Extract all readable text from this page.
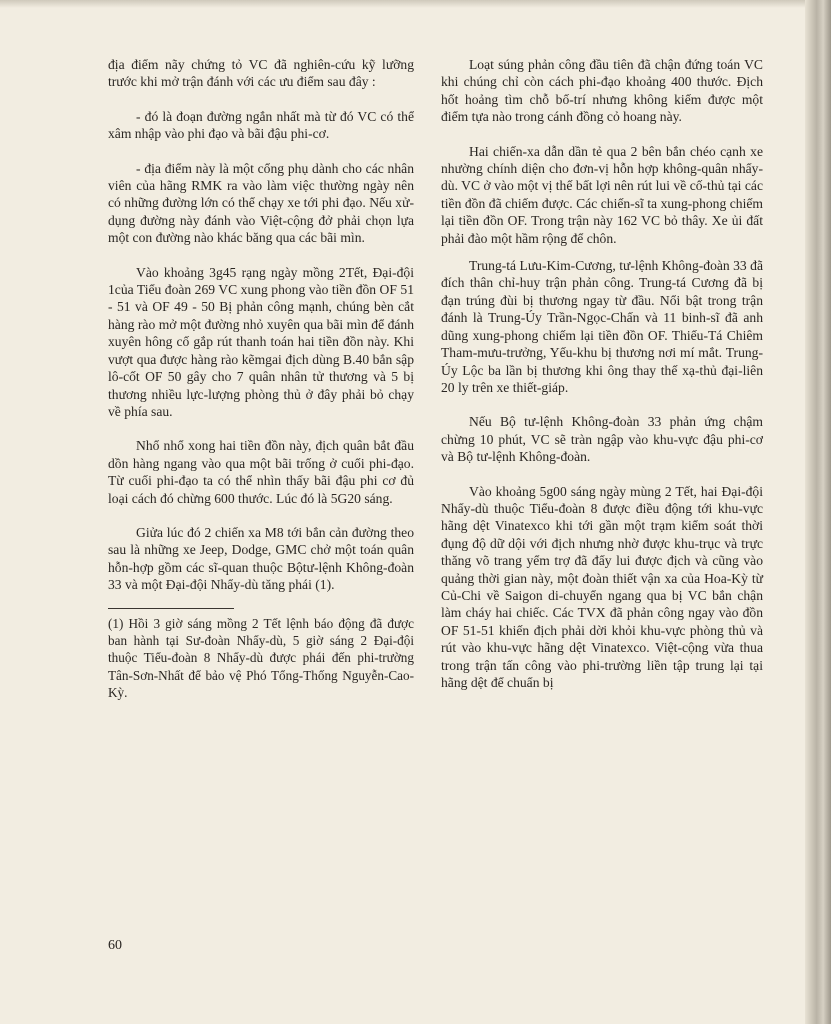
địa điểm nãy chứng tỏ VC đã nghiên-cứu kỹ lưỡng trước khi mở trận đánh với các ưu điểm sau đây :

- đó là đoạn đường ngắn nhất mà từ đó VC có thể xâm nhập vào phi đạo và bãi đậu phi-cơ.

- địa điểm này là một cổng phụ dành cho các nhân viên của hãng RMK ra vào làm việc thường ngày nên có những đường lớn có thể chạy xe tới phi đạo. Nếu xử-dụng đường này đánh vào Việt-cộng đở phải chọn lựa một con đường nào khác băng qua các bãi mìn.

Vào khoảng 3g45 rạng ngày mồng 2Tết, Đại-đội 1của Tiểu đoàn 269 VC xung phong vào tiền đồn OF 51 - 51 và OF 49 - 50 Bị phản công mạnh, chúng bèn cắt hàng rào mở một đường nhỏ xuyên qua bãi mìn để đánh xuyên hông cố gắp rút thanh toán hai tiền đồn này. Khi vượt qua được hàng rào kẽmgai địch dùng B.40 bắn sập lô-cốt OF 50 gây cho 7 quân nhân tử thương và 5 bị thương nhiều lực-lượng phòng thủ ở đây phải bỏ chạy về phía sau.

Nhổ nhổ xong hai tiền đồn này, địch quân bắt đầu dồn hàng ngang vào qua một bãi trống ở cuối phi-đạo. Từ cuối phi-đạo ta có thể nhìn thấy bãi đậu phi cơ đủ loại cách đó chừng 600 thước. Lúc đó là 5G20 sáng.

Giửa lúc đó 2 chiến xa M8 tới bắn cản đường theo sau là những xe Jeep, Dodge, GMC chở một toán quân hỗn-hợp gồm các sĩ-quan thuộc Bộtư-lệnh Không-đoàn 33 và một Đại-đội Nhẩy-dù tăng phái (1).

(1) Hồi 3 giờ sáng mồng 2 Tết lệnh báo động đã được ban hành tại Sư-đoàn Nhẩy-dù, 5 giờ sáng 2 Đại-đội thuộc Tiểu-đoàn 8 Nhẩy-dù được phái đến phi-trường Tân-Sơn-Nhất để bảo vệ Phó Tổng-Thống Nguyễn-Cao-Kỳ.

Loạt súng phản công đầu tiên đã chận đứng toán VC khi chúng chỉ còn cách phi-đạo khoảng 400 thước. Địch hốt hoảng tìm chỗ bố-trí nhưng không kiếm được một điểm tựa nào trong cánh đồng cỏ hoang này.

Hai chiến-xa dẫn dần tẻ qua 2 bên bắn chéo cạnh xe nhường chính diện cho đơn-vị hỗn hợp không-quân nhẩy-dù. VC ở vào một vị thế bất lợi nên rút lui về cố-thủ tại các tiền đồn đã chiếm được. Các chiến-sĩ ta xung-phong chiếm lại tiền đồn OF. Trong trận này 162 VC bỏ thây. Xe ủi đất phải đào một hầm rộng để chôn.

Trung-tá Lưu-Kim-Cương, tư-lệnh Không-đoàn 33 đã đích thân chỉ-huy trận phản công. Trung-tá Cương đã bị đạn trúng đùi bị thương ngay từ đầu. Nổi bật trong trận đánh là Trung-Úy Trần-Ngọc-Chấn và 11 binh-sĩ đã anh dũng xung-phong chiếm lại tiền đồn OF. Thiếu-Tá Chiêm Tham-mưu-trưởng, Yếu-khu bị thương nơi mí mắt. Trung-Úy Lộc ba lần bị thương khi ông thay thế xạ-thủ đại-liên 20 ly trên xe thiết-giáp.

Nếu Bộ tư-lệnh Không-đoàn 33 phản ứng chậm chừng 10 phút, VC sẽ tràn ngập vào khu-vực đậu phi-cơ và Bộ tư-lệnh Không-đoàn.

Vào khoảng 5g00 sáng ngày mùng 2 Tết, hai Đại-đội Nhẩy-dù thuộc Tiểu-đoàn 8 được điều động tới khu-vực hãng dệt Vinatexco khi tới gần một trạm kiểm soát thời đụng độ dữ dội với địch nhưng nhờ được khu-trục và trực thăng võ trang yểm trợ đã đẩy lui được địch và cũng vào quảng thời gian này, một đoàn thiết vận xa của Hoa-Kỳ từ Củ-Chi về Saigon di-chuyển ngang qua bị VC bắn chận làm cháy hai chiếc. Các TVX đã phản công ngay vào đồn OF 51-51 khiến địch phải dời khỏi khu-vực phòng thủ và rút vào khu-vực hãng dệt Vinatexco. Việt-cộng vừa thua trong trận tấn công vào phi-trường liền tập trung lại tại hãng dệt để chuẩn bị

60
